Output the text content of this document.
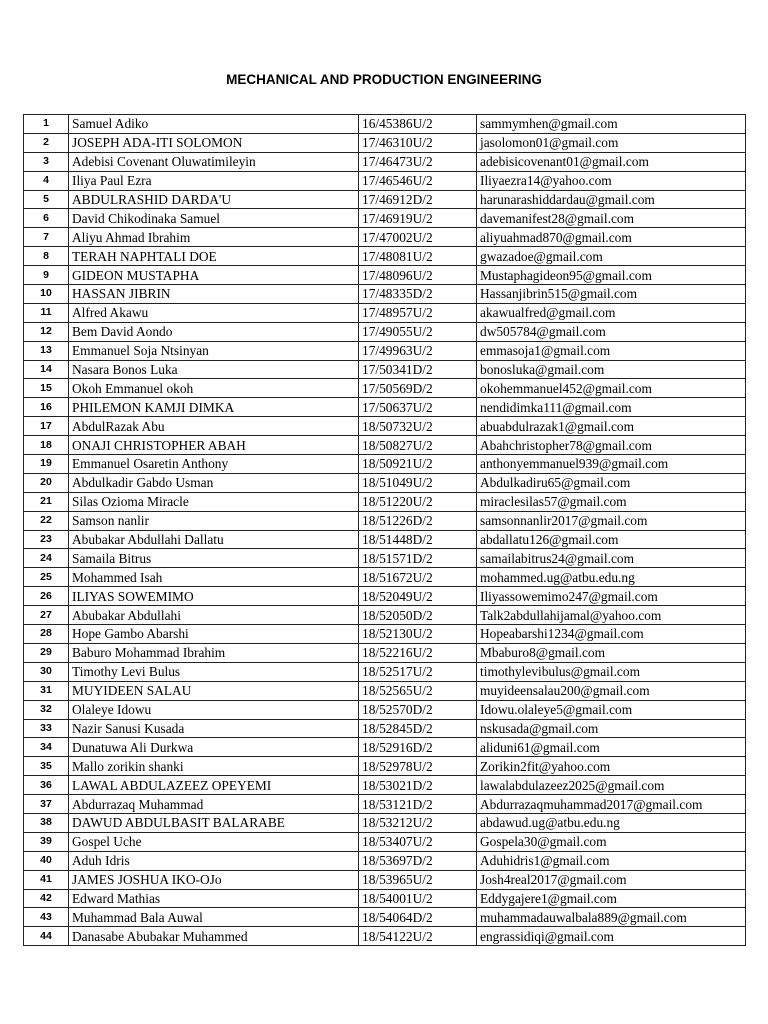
MECHANICAL AND PRODUCTION ENGINEERING
1	Samuel Adiko	16/45386U/2	sammymhen@gmail.com
2	JOSEPH ADA-ITI SOLOMON	17/46310U/2	jasolomon01@gmail.com
3	Adebisi Covenant Oluwatimileyin	17/46473U/2	adebisicovenant01@gmail.com
4	Iliya Paul Ezra	17/46546U/2	Iliyaezra14@yahoo.com
5	ABDULRASHID DARDA'U	17/46912D/2	harunarashiddardau@gmail.com
6	David Chikodinaka Samuel	17/46919U/2	davemanifest28@gmail.com
7	Aliyu Ahmad Ibrahim	17/47002U/2	aliyuahmad870@gmail.com
8	TERAH NAPHTALI DOE	17/48081U/2	gwazadoe@gmail.com
9	GIDEON MUSTAPHA	17/48096U/2	Mustaphagideon95@gmail.com
10	HASSAN JIBRIN	17/48335D/2	Hassanjibrin515@gmail.com
11	Alfred Akawu	17/48957U/2	akawualfred@gmail.com
12	Bem David Aondo	17/49055U/2	dw505784@gmail.com
13	Emmanuel Soja Ntsinyan	17/49963U/2	emmasoja1@gmail.com
14	Nasara Bonos Luka	17/50341D/2	bonosluka@gmail.com
15	Okoh Emmanuel okoh	17/50569D/2	okohemmanuel452@gmail.com
16	PHILEMON KAMJI DIMKA	17/50637U/2	nendidimka111@gmail.com
17	AbdulRazak Abu	18/50732U/2	abuabdulrazak1@gmail.com
18	ONAJI CHRISTOPHER ABAH	18/50827U/2	Abahchristopher78@gmail.com
19	Emmanuel Osaretin Anthony	18/50921U/2	anthonyemmanuel939@gmail.com
20	Abdulkadir Gabdo Usman	18/51049U/2	Abdulkadiru65@gmail.com
21	Silas Ozioma Miracle	18/51220U/2	miraclesilas57@gmail.com
22	Samson nanlir	18/51226D/2	samsonnanlir2017@gmail.com
23	Abubakar Abdullahi Dallatu	18/51448D/2	abdallatu126@gmail.com
24	Samaila Bitrus	18/51571D/2	samailabitrus24@gmail.com
25	Mohammed Isah	18/51672U/2	mohammed.ug@atbu.edu.ng
26	ILIYAS SOWEMIMO	18/52049U/2	Iliyassowemimo247@gmail.com
27	Abubakar Abdullahi	18/52050D/2	Talk2abdullahijamal@yahoo.com
28	Hope Gambo Abarshi	18/52130U/2	Hopeabarshi1234@gmail.com
29	Baburo Mohammad Ibrahim	18/52216U/2	Mbaburo8@gmail.com
30	Timothy Levi Bulus	18/52517U/2	timothylevibulus@gmail.com
31	MUYIDEEN SALAU	18/52565U/2	muyideensalau200@gmail.com
32	Olaleye Idowu	18/52570D/2	Idowu.olaleye5@gmail.com
33	Nazir Sanusi Kusada	18/52845D/2	nskusada@gmail.com
34	Dunatuwa Ali Durkwa	18/52916D/2	aliduni61@gmail.com
35	Mallo zorikin shanki	18/52978U/2	Zorikin2fit@yahoo.com
36	LAWAL ABDULAZEEZ OPEYEMI	18/53021D/2	lawalabdulazeez2025@gmail.com
37	Abdurrazaq Muhammad	18/53121D/2	Abdurrazaqmuhammad2017@gmail.com
38	DAWUD ABDULBASIT BALARABE	18/53212U/2	abdawud.ug@atbu.edu.ng
39	Gospel Uche	18/53407U/2	Gospela30@gmail.com
40	Aduh Idris	18/53697D/2	Aduhidris1@gmail.com
41	JAMES JOSHUA IKO-OJo	18/53965U/2	Josh4real2017@gmail.com
42	Edward Mathias	18/54001U/2	Eddygajere1@gmail.com
43	Muhammad Bala Auwal	18/54064D/2	muhammadauwalbala889@gmail.com
44	Danasabe Abubakar Muhammed	18/54122U/2	engrassidiqi@gmail.com
